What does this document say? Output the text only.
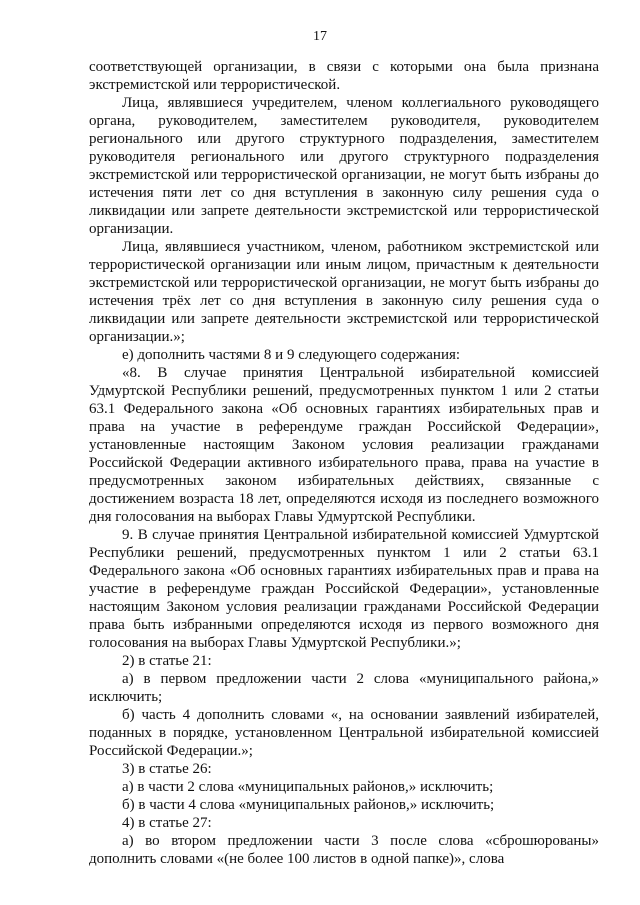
17

соответствующей организации, в связи с которыми она была признана экстремистской или террористической.

Лица, являвшиеся учредителем, членом коллегиального руководящего органа, руководителем, заместителем руководителя, руководителем регионального или другого структурного подразделения, заместителем руководителя регионального или другого структурного подразделения экстремистской или террористической организации, не могут быть избраны до истечения пяти лет со дня вступления в законную силу решения суда о ликвидации или запрете деятельности экстремистской или террористической организации.

Лица, являвшиеся участником, членом, работником экстремистской или террористической организации или иным лицом, причастным к деятельности экстремистской или террористической организации, не могут быть избраны до истечения трёх лет со дня вступления в законную силу решения суда о ликвидации или запрете деятельности экстремистской или террористической организации.»;

е) дополнить частями 8 и 9 следующего содержания:

«8. В случае принятия Центральной избирательной комиссией Удмуртской Республики решений, предусмотренных пунктом 1 или 2 статьи 63.1 Федерального закона «Об основных гарантиях избирательных прав и права на участие в референдуме граждан Российской Федерации», установленные настоящим Законом условия реализации гражданами Российской Федерации активного избирательного права, права на участие в предусмотренных законом избирательных действиях, связанные с достижением возраста 18 лет, определяются исходя из последнего возможного дня голосования на выборах Главы Удмуртской Республики.

9. В случае принятия Центральной избирательной комиссией Удмуртской Республики решений, предусмотренных пунктом 1 или 2 статьи 63.1 Федерального закона «Об основных гарантиях избирательных прав и права на участие в референдуме граждан Российской Федерации», установленные настоящим Законом условия реализации гражданами Российской Федерации права быть избранными определяются исходя из первого возможного дня голосования на выборах Главы Удмуртской Республики.»;

2) в статье 21:

а) в первом предложении части 2 слова «муниципального района,» исключить;

б) часть 4 дополнить словами «, на основании заявлений избирателей, поданных в порядке, установленном Центральной избирательной комиссией Российской Федерации.»;

3) в статье 26:

а) в части 2 слова «муниципальных районов,» исключить;

б) в части 4 слова «муниципальных районов,» исключить;

4) в статье 27:

а) во втором предложении части 3 после слова «сброшюрованы» дополнить словами «(не более 100 листов в одной папке)», слова
